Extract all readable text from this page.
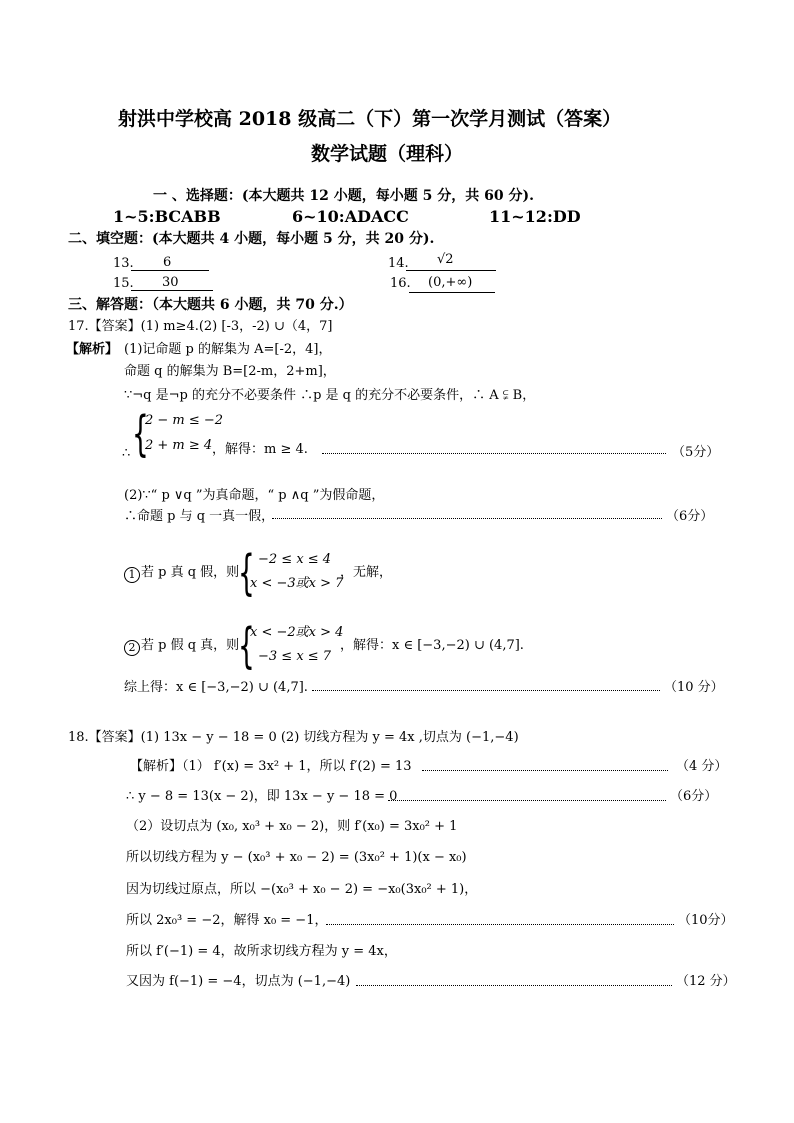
射洪中学校高 2018 级高二（下）第一次学月测试（答案）
数学试题（理科）
一 、选择题：(本大题共 12 小题，每小题 5 分，共 60 分).
1~5:BCABB	6~10:ADACC	11~12:DD
二、填空题：(本大题共 4 小题，每小题 5 分，共 20 分).
13. 6	14. √2
15. 30	16. (0,+∞)
三、解答题：（本大题共 6 小题，共 70 分.）
17.【答案】(1) m≥4.(2) [-3，-2) ∪（4，7]
【解析】 (1)记命题 p 的解集为 A=[-2，4]，
命题 q 的解集为 B=[2-m，2+m]，
∵¬q 是¬p 的充分不必要条件 ∴p 是 q 的充分不必要条件，∴ A ⫋ B，
∴ {
2 − m ≤ −2
2 + m ≥ 4 ，解得：m ≥ 4.	（5分）
(2)∵“ p ∨q ”为真命题，“ p ∧q ”为假命题，
∴命题 p 与 q 一真一假，	（6分）
1 若 p 真 q 假，则
{ −2 ≤ x ≤ 4
x < −3或x > 7
，无解，
2 若 p 假 q 真，则
{
x < −2或x > 4
−3 ≤ x ≤ 7
，解得：x ∈ [−3,−2) ∪ (4,7].
综上得：x ∈ [−3,−2) ∪ (4,7].	（10 分）
18.【答案】(1) 13x − y − 18 = 0 (2) 切线方程为 y = 4x ,切点为 (−1,−4)
【解析】（1） f′(x) = 3x² + 1，所以 f′(2) = 13	（4 分）
∴ y − 8 = 13(x − 2)，即 13x − y − 18 = 0	（6分）
（2）设切点为 (x₀, x₀³ + x₀ − 2)，则 f′(x₀) = 3x₀² + 1
所以切线方程为 y − (x₀³ + x₀ − 2) = (3x₀² + 1)(x − x₀)
因为切线过原点，所以 −(x₀³ + x₀ − 2) = −x₀(3x₀² + 1)，
所以 2x₀³ = −2，解得 x₀ = −1，	（10分）
所以 f′(−1) = 4，故所求切线方程为 y = 4x，
又因为 f(−1) = −4，切点为 (−1,−4)	（12 分）
